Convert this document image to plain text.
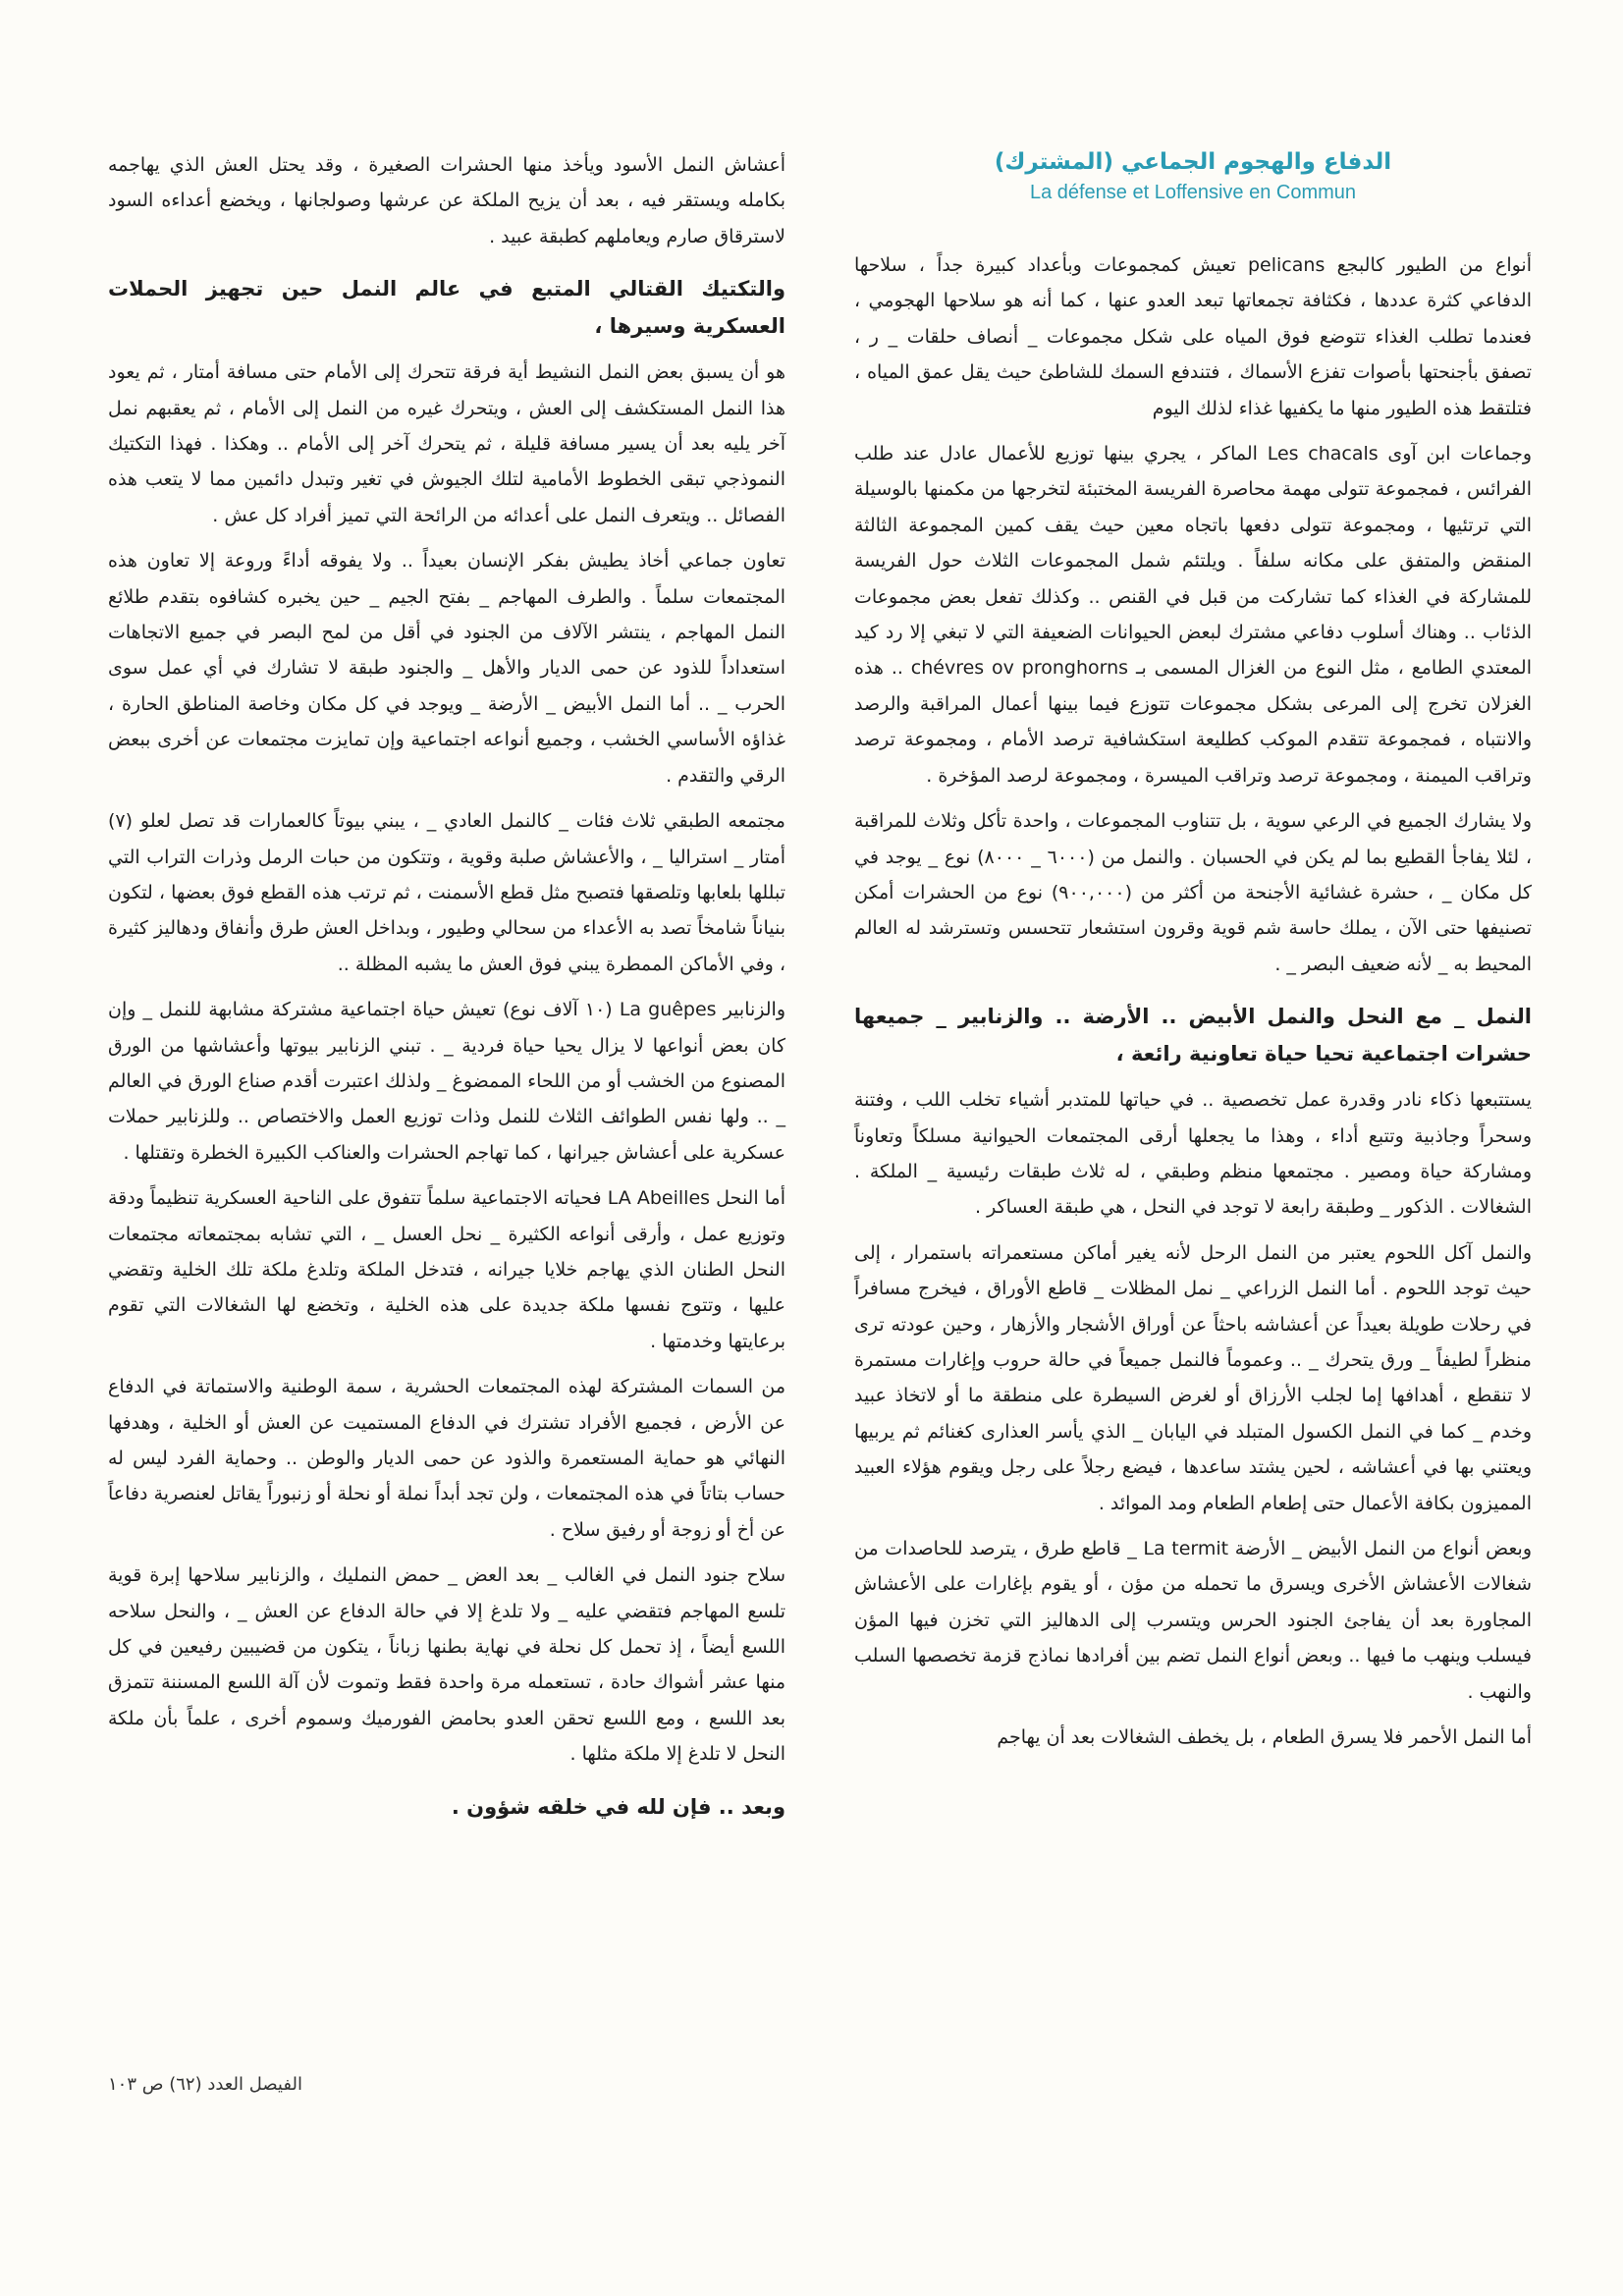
الدفاع والهجوم الجماعي (المشترك)
La défense et Loffensive en Commun

أنواع من الطيور كالبجع pelicans تعيش كمجموعات وبأعداد كبيرة جداً ، سلاحها الدفاعي كثرة عددها ، فكثافة تجمعاتها تبعد العدو عنها ، كما أنه هو سلاحها الهجومي ، فعندما تطلب الغذاء تتوضع فوق المياه على شكل مجموعات _ أنصاف حلقات _ ر ، تصفق بأجنحتها بأصوات تفزع الأسماك ، فتندفع السمك للشاطئ حيث يقل عمق المياه ، فتلتقط هذه الطيور منها ما يكفيها غذاء لذلك اليوم

وجماعات ابن آوى Les chacals الماكر ، يجري بينها توزيع للأعمال عادل عند طلب الفرائس ، فمجموعة تتولى مهمة محاصرة الفريسة المختبئة لتخرجها من مكمنها بالوسيلة التي ترتئيها ، ومجموعة تتولى دفعها باتجاه معين حيث يقف كمين المجموعة الثالثة المنقض والمتفق على مكانه سلفاً . ويلتئم شمل المجموعات الثلاث حول الفريسة للمشاركة في الغذاء كما تشاركت من قبل في القنص .. وكذلك تفعل بعض مجموعات الذئاب .. وهناك أسلوب دفاعي مشترك لبعض الحيوانات الضعيفة التي لا تبغي إلا رد كيد المعتدي الطامع ، مثل النوع من الغزال المسمى بـ chévres ov pronghorns .. هذه الغزلان تخرج إلى المرعى بشكل مجموعات تتوزع فيما بينها أعمال المراقبة والرصد والانتباه ، فمجموعة تتقدم الموكب كطليعة استكشافية ترصد الأمام ، ومجموعة ترصد وتراقب الميمنة ، ومجموعة ترصد وتراقب الميسرة ، ومجموعة لرصد المؤخرة .

ولا يشارك الجميع في الرعي سوية ، بل تتناوب المجموعات ، واحدة تأكل وثلاث للمراقبة ، لئلا يفاجأ القطيع بما لم يكن في الحسبان . والنمل من (٦٠٠٠ _ ٨٠٠٠) نوع _ يوجد في كل مكان _ ، حشرة غشائية الأجنحة من أكثر من (٩٠٠,٠٠٠) نوع من الحشرات أمكن تصنيفها حتى الآن ، يملك حاسة شم قوية وقرون استشعار تتحسس وتسترشد له العالم المحيط به _ لأنه ضعيف البصر _ .

النمل _ مع النحل والنمل الأبيض .. الأرضة .. والزنابير _ جميعها حشرات اجتماعية تحيا حياة تعاونية رائعة ،

يستتبعها ذكاء نادر وقدرة عمل تخصصية .. في حياتها للمتدبر أشياء تخلب اللب ، وفتنة وسحراً وجاذبية وتتبع أداء ، وهذا ما يجعلها أرقى المجتمعات الحيوانية مسلكاً وتعاوناً ومشاركة حياة ومصير . مجتمعها منظم وطبقي ، له ثلاث طبقات رئيسية _ الملكة . الشغالات . الذكور _ وطبقة رابعة لا توجد في النحل ، هي طبقة العساكر .

والنمل آكل اللحوم يعتبر من النمل الرحل لأنه يغير أماكن مستعمراته باستمرار ، إلى حيث توجد اللحوم . أما النمل الزراعي _ نمل المظلات _ قاطع الأوراق ، فيخرج مسافراً في رحلات طويلة بعيداً عن أعشاشه باحثاً عن أوراق الأشجار والأزهار ، وحين عودته ترى منظراً لطيفاً _ ورق يتحرك _ .. وعموماً فالنمل جميعاً في حالة حروب وإغارات مستمرة لا تنقطع ، أهدافها إما لجلب الأرزاق أو لغرض السيطرة على منطقة ما أو لاتخاذ عبيد وخدم _ كما في النمل الكسول المتبلد في اليابان _ الذي يأسر العذارى كغنائم ثم يربيها ويعتني بها في أعشاشه ، لحين يشتد ساعدها ، فيضع رجلاً على رجل ويقوم هؤلاء العبيد المميزون بكافة الأعمال حتى إطعام الطعام ومد الموائد .

وبعض أنواع من النمل الأبيض _ الأرضة La termit _ قاطع طرق ، يترصد للحاصدات من شغالات الأعشاش الأخرى ويسرق ما تحمله من مؤن ، أو يقوم بإغارات على الأعشاش المجاورة بعد أن يفاجئ الجنود الحرس ويتسرب إلى الدهاليز التي تخزن فيها المؤن فيسلب وينهب ما فيها .. وبعض أنواع النمل تضم بين أفرادها نماذج قزمة تخصصها السلب والنهب .

أما النمل الأحمر فلا يسرق الطعام ، بل يخطف الشغالات بعد أن يهاجم

أعشاش النمل الأسود ويأخذ منها الحشرات الصغيرة ، وقد يحتل العش الذي يهاجمه بكامله ويستقر فيه ، بعد أن يزيح الملكة عن عرشها وصولجانها ، ويخضع أعداءه السود لاسترقاق صارم ويعاملهم كطبقة عبيد .

والتكتيك القتالي المتبع في عالم النمل حين تجهيز الحملات العسكرية وسيرها ،

هو أن يسبق بعض النمل النشيط أية فرقة تتحرك إلى الأمام حتى مسافة أمتار ، ثم يعود هذا النمل المستكشف إلى العش ، ويتحرك غيره من النمل إلى الأمام ، ثم يعقبهم نمل آخر يليه بعد أن يسير مسافة قليلة ، ثم يتحرك آخر إلى الأمام .. وهكذا . فهذا التكتيك النموذجي تبقى الخطوط الأمامية لتلك الجيوش في تغير وتبدل دائمين مما لا يتعب هذه الفصائل .. ويتعرف النمل على أعدائه من الرائحة التي تميز أفراد كل عش .

تعاون جماعي أخاذ يطيش بفكر الإنسان بعيداً .. ولا يفوقه أداءً وروعة إلا تعاون هذه المجتمعات سلماً . والطرف المهاجم _ بفتح الجيم _ حين يخبره كشافوه بتقدم طلائع النمل المهاجم ، ينتشر الآلاف من الجنود في أقل من لمح البصر في جميع الاتجاهات استعداداً للذود عن حمى الديار والأهل _ والجنود طبقة لا تشارك في أي عمل سوى الحرب _ .. أما النمل الأبيض _ الأرضة _ ويوجد في كل مكان وخاصة المناطق الحارة ، غذاؤه الأساسي الخشب ، وجميع أنواعه اجتماعية وإن تمايزت مجتمعات عن أخرى ببعض الرقي والتقدم .

مجتمعه الطبقي ثلاث فئات _ كالنمل العادي _ ، يبني بيوتاً كالعمارات قد تصل لعلو (٧) أمتار _ استراليا _ ، والأعشاش صلبة وقوية ، وتتكون من حبات الرمل وذرات التراب التي تبللها بلعابها وتلصقها فتصبح مثل قطع الأسمنت ، ثم ترتب هذه القطع فوق بعضها ، لتكون بنياناً شامخاً تصد به الأعداء من سحالي وطيور ، وبداخل العش طرق وأنفاق ودهاليز كثيرة ، وفي الأماكن الممطرة يبني فوق العش ما يشبه المظلة ..

والزنابير La guêpes (١٠ آلاف نوع) تعيش حياة اجتماعية مشتركة مشابهة للنمل _ وإن كان بعض أنواعها لا يزال يحيا حياة فردية _ . تبني الزنابير بيوتها وأعشاشها من الورق المصنوع من الخشب أو من اللحاء الممضوغ _ ولذلك اعتبرت أقدم صناع الورق في العالم _ .. ولها نفس الطوائف الثلاث للنمل وذات توزيع العمل والاختصاص .. وللزنابير حملات عسكرية على أعشاش جيرانها ، كما تهاجم الحشرات والعناكب الكبيرة الخطرة وتقتلها .

أما النحل LA Abeilles فحياته الاجتماعية سلماً تتفوق على الناحية العسكرية تنظيماً ودقة وتوزيع عمل ، وأرقى أنواعه الكثيرة _ نحل العسل _ ، التي تشابه بمجتمعاته مجتمعات النحل الطنان الذي يهاجم خلايا جيرانه ، فتدخل الملكة وتلدغ ملكة تلك الخلية وتقضي عليها ، وتتوج نفسها ملكة جديدة على هذه الخلية ، وتخضع لها الشغالات التي تقوم برعايتها وخدمتها .

من السمات المشتركة لهذه المجتمعات الحشرية ، سمة الوطنية والاستماتة في الدفاع عن الأرض ، فجميع الأفراد تشترك في الدفاع المستميت عن العش أو الخلية ، وهدفها النهائي هو حماية المستعمرة والذود عن حمى الديار والوطن .. وحماية الفرد ليس له حساب بتاتاً في هذه المجتمعات ، ولن تجد أبداً نملة أو نحلة أو زنبوراً يقاتل لعنصرية دفاعاً عن أخ أو زوجة أو رفيق سلاح .

سلاح جنود النمل في الغالب _ بعد العض _ حمض النمليك ، والزنابير سلاحها إبرة قوية تلسع المهاجم فتقضي عليه _ ولا تلدغ إلا في حالة الدفاع عن العش _ ، والنحل سلاحه اللسع أيضاً ، إذ تحمل كل نحلة في نهاية بطنها زباناً ، يتكون من قضيبين رفيعين في كل منها عشر أشواك حادة ، تستعمله مرة واحدة فقط وتموت لأن آلة اللسع المسننة تتمزق بعد اللسع ، ومع اللسع تحقن العدو بحامض الفورميك وسموم أخرى ، علماً بأن ملكة النحل لا تلدغ إلا ملكة مثلها .

وبعد .. فإن لله في خلقه شؤون .

الفيصل العدد (٦٢) ص ١٠٣
